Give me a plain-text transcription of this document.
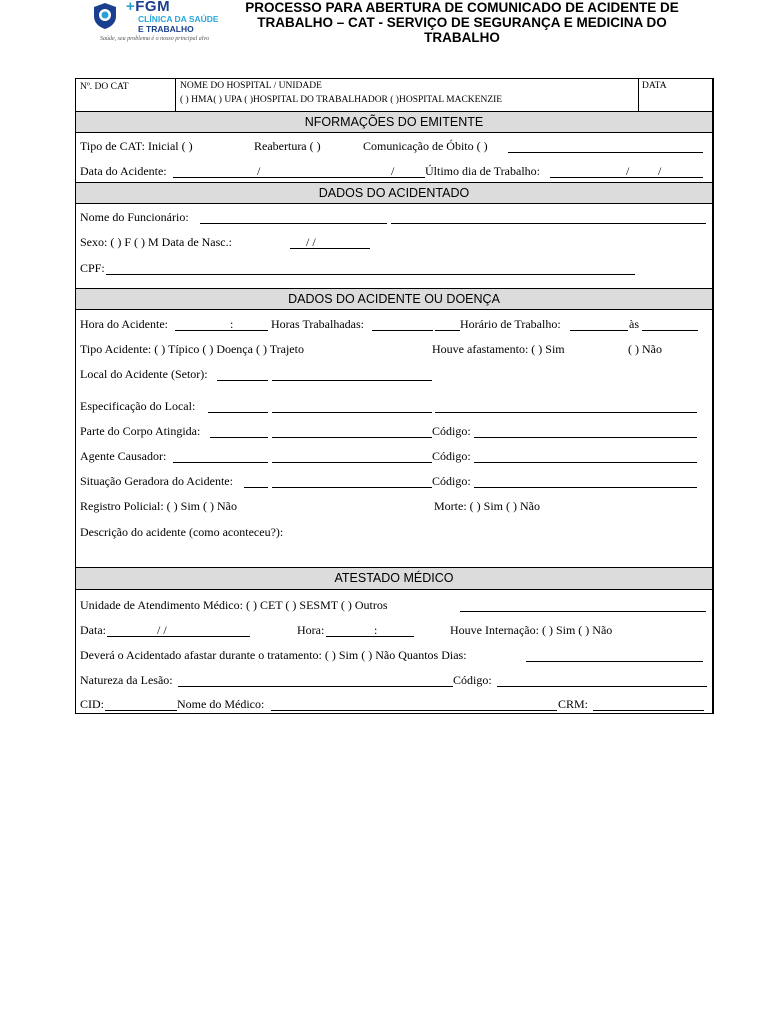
+FGM
CLÍNICA DA SAÚDE
E TRABALHO
Saúde, seu problema é o nosso principal alvo
PROCESSO PARA ABERTURA DE COMUNICADO DE ACIDENTE DE TRABALHO – CAT - SERVIÇO DE SEGURANÇA E MEDICINA DO TRABALHO
Nº. DO CAT	NOME DO HOSPITAL / UNIDADE
( ) HMA( ) UPA ( )HOSPITAL DO TRABALHADOR ( )HOSPITAL MACKENZIE
DATA
NFORMAÇÕES DO EMITENTE
Tipo de CAT: Inicial ( )	Reabertura ( )	Comunicação de Óbito ( )
Data do Acidente:	/	/	Último dia de Trabalho:	/ /
DADOS DO ACIDENTADO
Nome do Funcionário:
Sexo: ( ) F ( ) M Data de Nasc.:	/ /
CPF:
DADOS DO ACIDENTE OU DOENÇA
Hora do Acidente:	:	Horas Trabalhadas:	Horário de Trabalho:	às
Tipo Acidente: ( ) Típico ( ) Doença ( ) Trajeto	Houve afastamento: ( ) Sim	( ) Não
Local do Acidente (Setor):
Especificação do Local:
Parte do Corpo Atingida:	Código:
Agente Causador:	Código:
Situação Geradora do Acidente:	Código:
Registro Policial: ( ) Sim ( ) Não	Morte: ( ) Sim ( ) Não
Descrição do acidente (como aconteceu?):
ATESTADO MÉDICO
Unidade de Atendimento Médico: ( ) CET ( ) SESMT ( ) Outros
Data:	/ /	Hora:	:	Houve Internação: ( ) Sim ( ) Não
Deverá o Acidentado afastar durante o tratamento: ( ) Sim ( ) Não Quantos Dias:
Natureza da Lesão:	Código:
CID:	Nome do Médico:	CRM:
